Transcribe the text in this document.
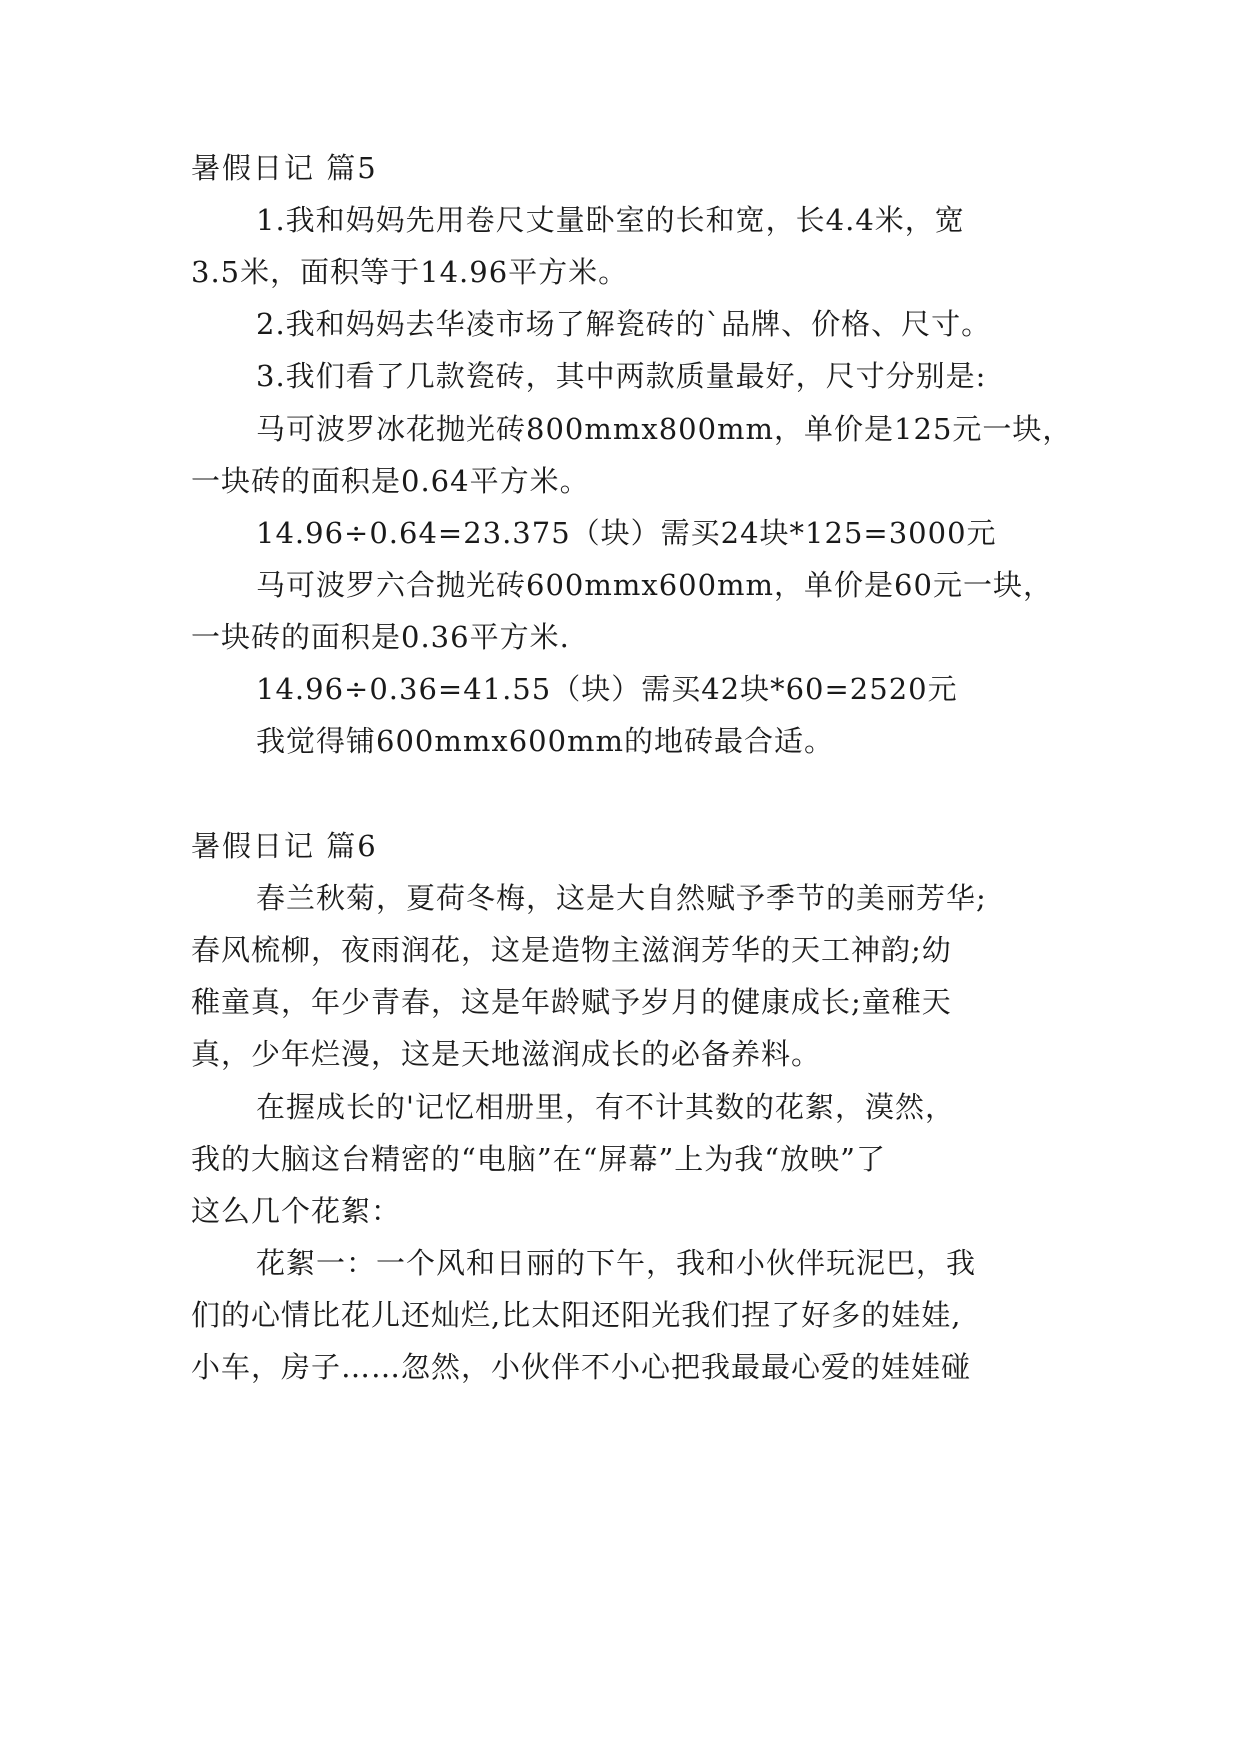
暑假日记 篇5
1.我和妈妈先用卷尺丈量卧室的长和宽，长4.4米，宽
3.5米，面积等于14.96平方米。
2.我和妈妈去华凌市场了解瓷砖的`品牌、价格、尺寸。
3.我们看了几款瓷砖，其中两款质量最好，尺寸分别是:
马可波罗冰花抛光砖800mmx800mm，单价是125元一块，
一块砖的面积是0.64平方米。
14.96÷0.64=23.375（块）需买24块*125=3000元
马可波罗六合抛光砖600mmx600mm，单价是60元一块，
一块砖的面积是0.36平方米.
14.96÷0.36=41.55（块）需买42块*60=2520元
我觉得铺600mmx600mm的地砖最合适。
暑假日记 篇6
春兰秋菊，夏荷冬梅，这是大自然赋予季节的美丽芳华;
春风梳柳，夜雨润花，这是造物主滋润芳华的天工神韵;幼
稚童真，年少青春，这是年龄赋予岁月的健康成长;童稚天
真，少年烂漫，这是天地滋润成长的必备养料。
在握成长的'记忆相册里，有不计其数的花絮，漠然，
我的大脑这台精密的“电脑”在“屏幕”上为我“放映”了
这么几个花絮：
花絮一：一个风和日丽的下午，我和小伙伴玩泥巴，我
们的心情比花儿还灿烂,比太阳还阳光我们捏了好多的娃娃,
小车，房子……忽然，小伙伴不小心把我最最心爱的娃娃碰
